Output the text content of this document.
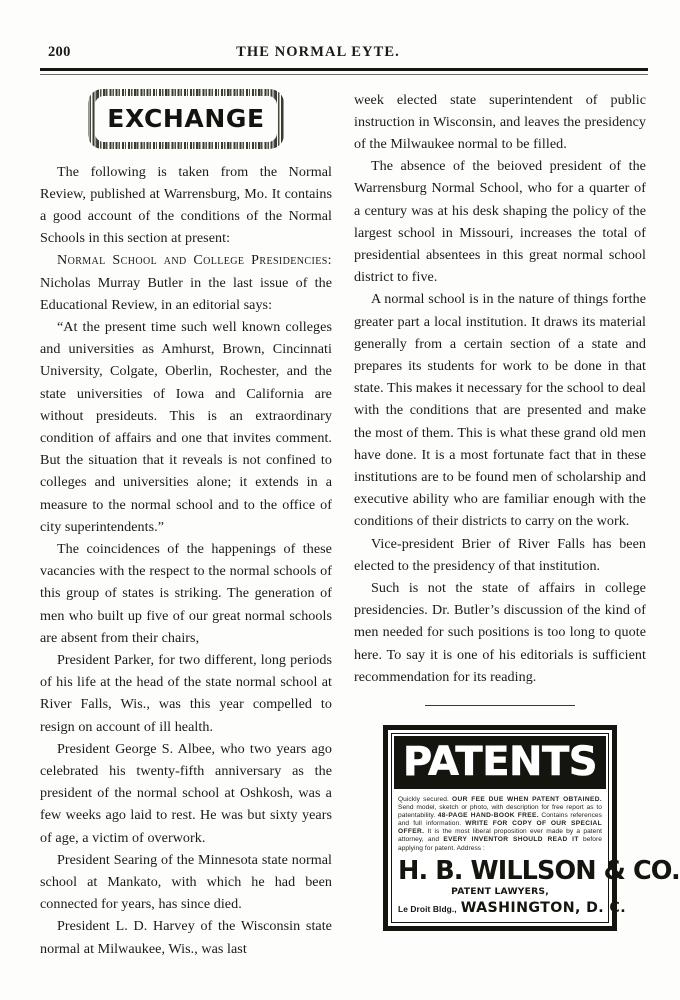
200	THE NORMAL EYTE.
EXCHANGE

The following is taken from the Normal Review, published at Warrensburg, Mo. It contains a good account of the conditions of the Normal Schools in this section at present:

Normal School and College Presidencies: Nicholas Murray Butler in the last issue of the Educational Review, in an editorial says:

“At the present time such well known colleges and universities as Amhurst, Brown, Cincinnati University, Colgate, Oberlin, Rochester, and the state universities of Iowa and California are without presideuts. This is an extraordinary condition of affairs and one that invites comment. But the situation that it reveals is not confined to colleges and universities alone; it extends in a measure to the normal school and to the office of city superintendents.”

The coincidences of the happenings of these vacancies with the respect to the normal schools of this group of states is striking. The generation of men who built up five of our great normal schools are absent from their chairs,

President Parker, for two different, long periods of his life at the head of the state normal school at River Falls, Wis., was this year compelled to resign on account of ill health.

President George S. Albee, who two years ago celebrated his twenty-fifth anniversary as the president of the normal school at Oshkosh, was a few weeks ago laid to rest. He was but sixty years of age, a victim of overwork.

President Searing of the Minnesota state normal school at Mankato, with which he had been connected for years, has since died.

President L. D. Harvey of the Wisconsin state normal at Milwaukee, Wis., was last

week elected state superintendent of public instruction in Wisconsin, and leaves the presidency of the Milwaukee normal to be filled.

The absence of the beioved president of the Warrensburg Normal School, who for a quarter of a century was at his desk shaping the policy of the largest school in Missouri, increases the total of presidential absentees in this great normal school district to five.

A normal school is in the nature of things forthe greater part a local institution. It draws its material generally from a certain section of a state and prepares its students for work to be done in that state. This makes it necessary for the school to deal with the conditions that are presented and make the most of them. This is what these grand old men have done. It is a most fortunate fact that in these institutions are to be found men of scholarship and executive ability who are familiar enough with the conditions of their districts to carry on the work.

Vice-president Brier of River Falls has been elected to the presidency of that institution.

Such is not the state of affairs in college presidencies. Dr. Butler’s discussion of the kind of men needed for such positions is too long to quote here. To say it is one of his editorials is sufficient recommendation for its reading.

PATENTS
Quickly secured. OUR FEE DUE WHEN PATENT OBTAINED. Send model, sketch or photo, with description for free report as to patentability. 48-PAGE HAND-BOOK FREE. Contains references and full information. WRITE FOR COPY OF OUR SPECIAL OFFER. It is the most liberal proposition ever made by a patent attorney, and EVERY INVENTOR SHOULD READ IT before applying for patent. Address :
H. B. WILLSON & CO.
PATENT LAWYERS,
Le Droit Bldg., WASHINGTON, D. C.
